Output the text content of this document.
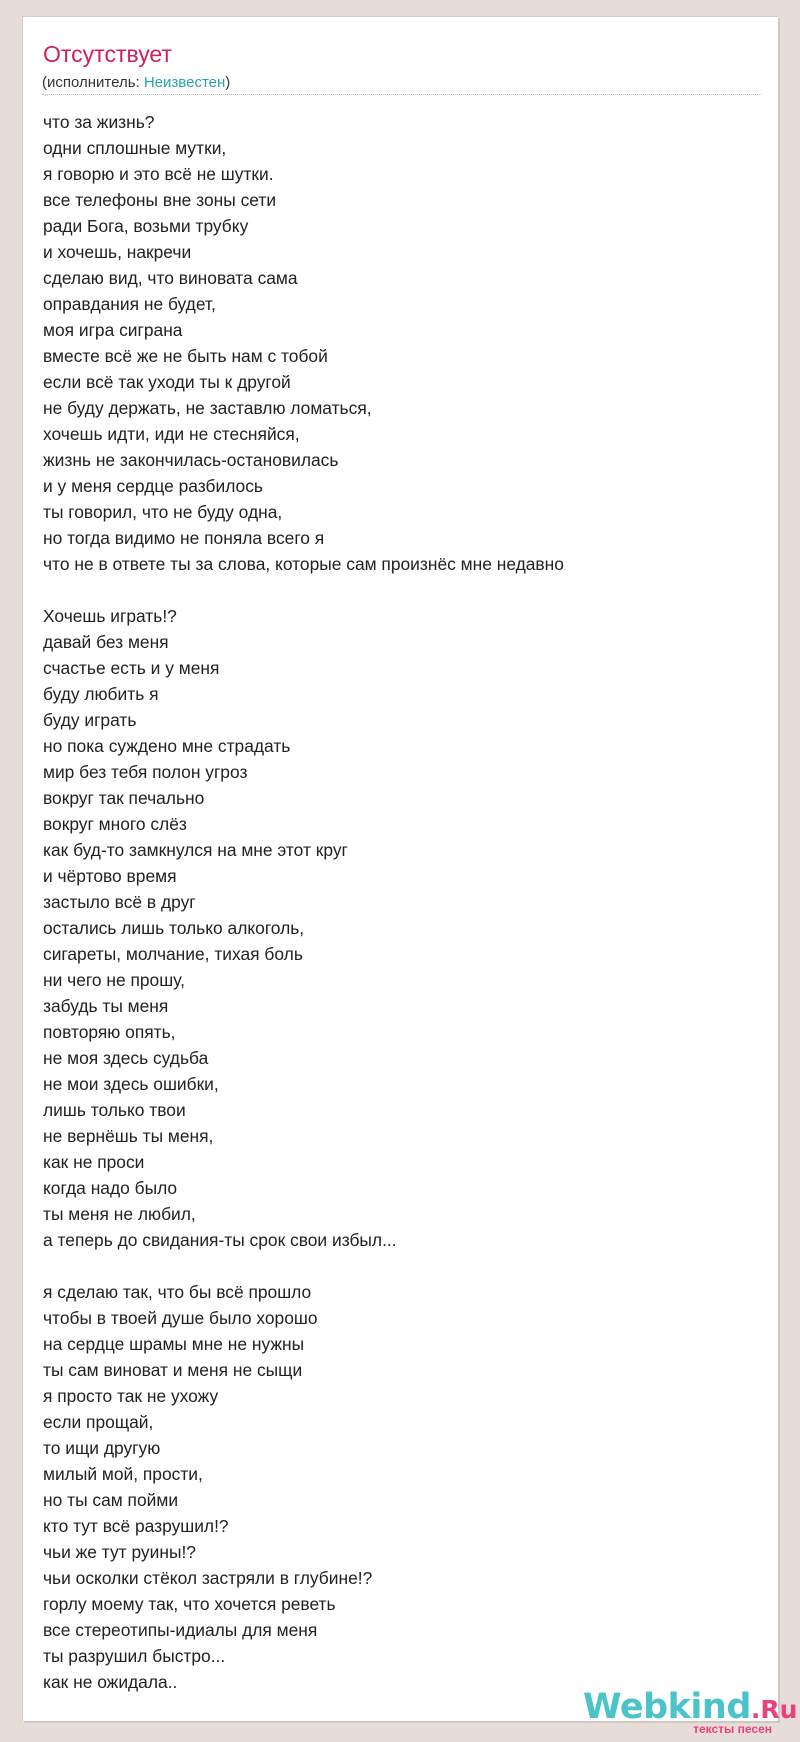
Отсутствует
(исполнитель: Неизвестен)
что за жизнь?
одни сплошные мутки,
я говорю и это всё не шутки.
все телефоны вне зоны сети
ради Бога, возьми трубку
и хочешь, накречи
сделаю вид, что виновата сама
оправдания не будет,
моя игра сиграна
вместе всё же не быть нам с тобой
если всё так уходи ты к другой
не буду держать, не заставлю ломаться,
хочешь идти, иди не стесняйся,
жизнь не закончилась-остановилась
и у меня сердце разбилось
ты говорил, что не буду одна,
но тогда видимо не поняла всего я
что не в ответе ты за слова, которые сам произнёс мне недавно
Хочешь играть!?
давай без меня
счастье есть и у меня
буду любить я
буду играть
но пока суждено мне страдать
мир без тебя полон угроз
вокруг так печально
вокруг много слёз
как буд-то замкнулся на мне этот круг
и чёртово время
застыло всё в друг
остались лишь только алкоголь,
сигареты, молчание, тихая боль
ни чего не прошу,
забудь ты меня
повторяю опять,
не моя здесь судьба
не мои здесь ошибки,
лишь только твои
не вернёшь ты меня,
как не проси
когда надо было
ты меня не любил,
а теперь до свидания-ты срок свои избыл...
я сделаю так, что бы всё прошло
чтобы в твоей душе было хорошо
на сердце шрамы мне не нужны
ты сам виноват и меня не сыщи
я просто так не ухожу
если прощай,
то ищи другую
милый мой, прости,
но ты сам пойми
кто тут всё разрушил!?
чьи же тут руины!?
чьи осколки стёкол застряли в глубине!?
горлу моему так, что хочется реветь
все стереотипы-идиалы для меня
ты разрушил быстро...
как не ожидала..
Webkind.Ru
тексты песен
